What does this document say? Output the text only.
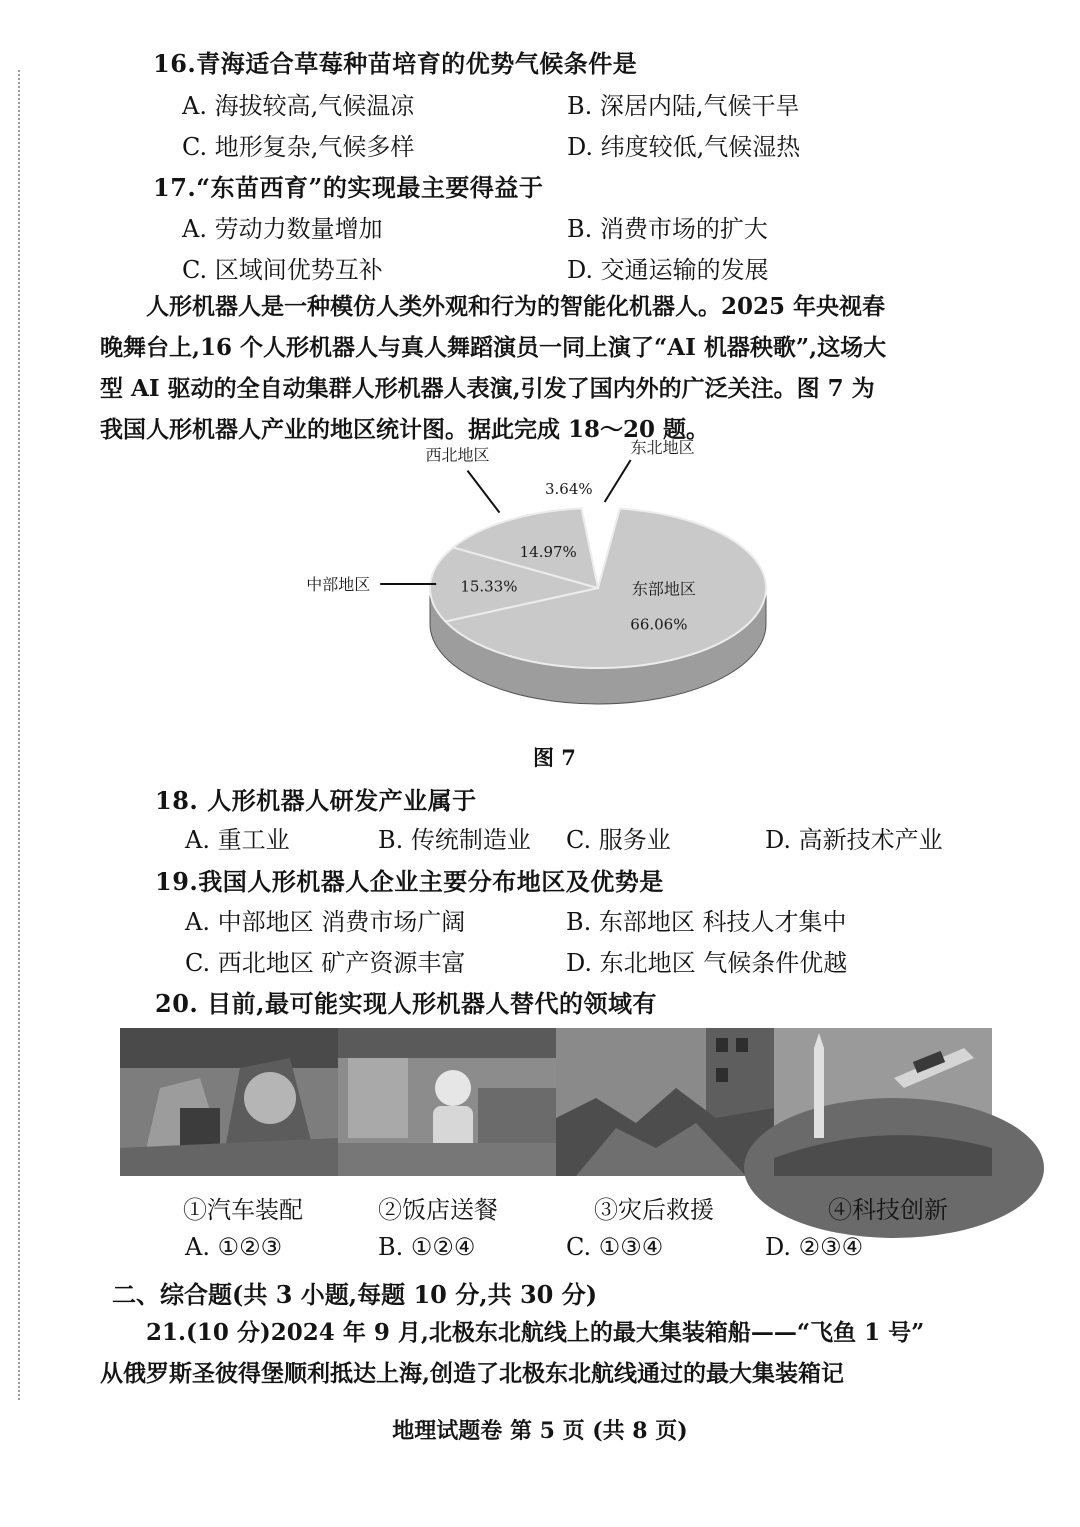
16.青海适合草莓种苗培育的优势气候条件是
A. 海拔较高,气候温凉	B. 深居内陆,气候干旱
C. 地形复杂,气候多样	D. 纬度较低,气候湿热
17.“东苗西育”的实现最主要得益于
A. 劳动力数量增加	B. 消费市场的扩大
C. 区域间优势互补	D. 交通运输的发展

人形机器人是一种模仿人类外观和行为的智能化机器人。2025 年央视春

晚舞台上,16 个人形机器人与真人舞蹈演员一同上演了“AI 机器秧歌”,这场大

型 AI 驱动的全自动集群人形机器人表演,引发了国内外的广泛关注。图 7 为

我国人形机器人产业的地区统计图。据此完成 18～20 题。

东部地区
中部地区
西北地区	东北地区
66.06%
15.33%
14.97%
3.64%
图 7
18. 人形机器人研发产业属于
A. 重工业	B. 传统制造业 C. 服务业	D. 高新技术产业
19.我国人形机器人企业主要分布地区及优势是
A. 中部地区 消费市场广阔	B. 东部地区 科技人才集中
C. 西北地区 矿产资源丰富	D. 东北地区 气候条件优越
20. 目前,最可能实现人形机器人替代的领域有
①汽车装配	②饭店送餐	③灾后救援	④科技创新
A. ①②③	B. ①②④	C. ①③④	D. ②③④
二、综合题(共 3 小题,每题 10 分,共 30 分)

21.(10 分)2024 年 9 月,北极东北航线上的最大集装箱船——“飞鱼 1 号”

从俄罗斯圣彼得堡顺利抵达上海,创造了北极东北航线通过的最大集装箱记

地理试题卷 第 5 页 (共 8 页)
